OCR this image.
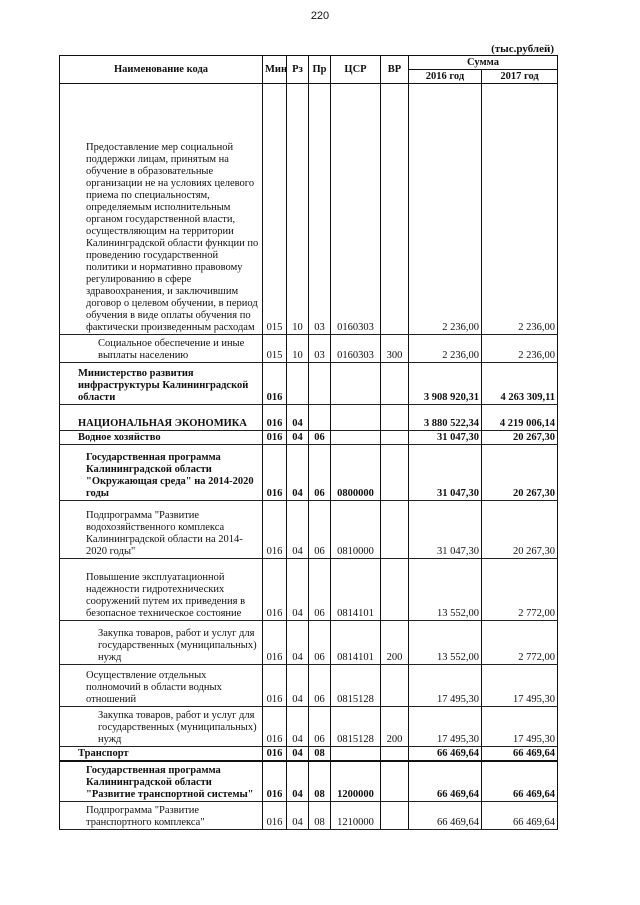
220
(тыс.рублей)
Наименование кода	Мин	Рз	Пр	ЦСР	ВР	Сумма	
						2016 год	2017 год
Предоставление мер социальной поддержки лицам, принятым на обучение в образовательные организации не на условиях целевого приема по специальностям, определяемым исполнительным органом государственной власти, осуществляющим на территории Калининградской области функции по проведению государственной политики и нормативно правовому регулированию в сфере здравоохранения, и заключившим договор о целевом обучении, в период обучения в виде оплаты обучения по фактически произведенным расходам	015	10	03	0160303		2 236,00	2 236,00
Социальное обеспечение и иные выплаты населению	015	10	03	0160303	300	2 236,00	2 236,00
Министерство развития инфраструктуры Калининградской области	016					3 908 920,31	4 263 309,11
НАЦИОНАЛЬНАЯ ЭКОНОМИКА	016	04				3 880 522,34	4 219 006,14
Водное хозяйство	016	04	06			31 047,30	20 267,30
Государственная программа Калининградской области "Окружающая среда" на 2014-2020 годы	016	04	06	0800000		31 047,30	20 267,30
Подпрограмма "Развитие водохозяйственного комплекса Калининградской области на 2014-2020 годы"	016	04	06	0810000		31 047,30	20 267,30
Повышение эксплуатационной надежности гидротехнических сооружений путем их приведения в безопасное техническое состояние	016	04	06	0814101		13 552,00	2 772,00
Закупка товаров, работ и услуг для государственных (муниципальных) нужд	016	04	06	0814101	200	13 552,00	2 772,00
Осуществление отдельных полномочий в области водных отношений	016	04	06	0815128		17 495,30	17 495,30
Закупка товаров, работ и услуг для государственных (муниципальных) нужд	016	04	06	0815128	200	17 495,30	17 495,30
Транспорт	016	04	08			66 469,64	66 469,64
Государственная программа Калининградской области "Развитие транспортной системы"	016	04	08	1200000		66 469,64	66 469,64
Подпрограмма "Развитие транспортного комплекса"	016	04	08	1210000		66 469,64	66 469,64
